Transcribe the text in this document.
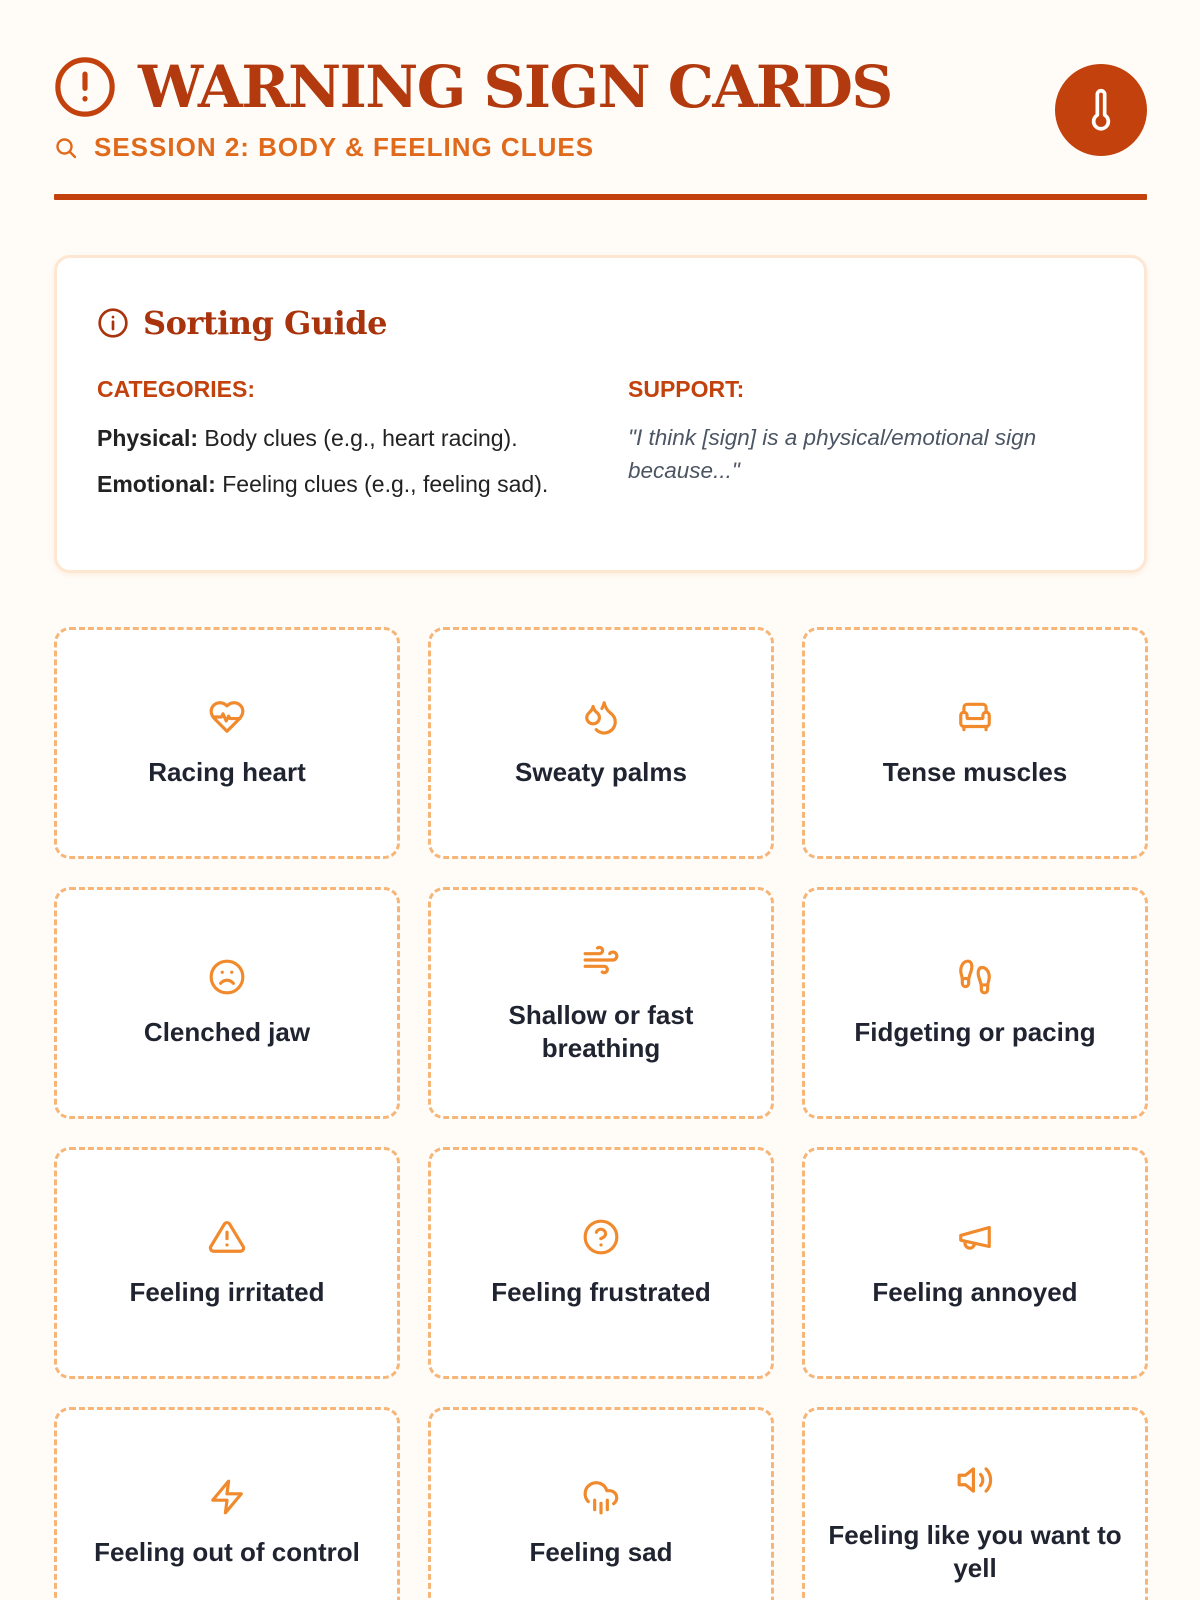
WARNING SIGN CARDS
SESSION 2: BODY & FEELING CLUES
Sorting Guide
CATEGORIES:

Physical: Body clues (e.g., heart racing).

Emotional: Feeling clues (e.g., feeling sad).

SUPPORT:

"I think [sign] is a physical/emotional sign because..."

Racing heart	Sweaty palms	Tense muscles
Clenched jaw
Shallow or fast breathing
Fidgeting or pacing
Feeling irritated	Feeling frustrated	Feeling annoyed
Feeling out of control	Feeling sad
Feeling like you want to yell
